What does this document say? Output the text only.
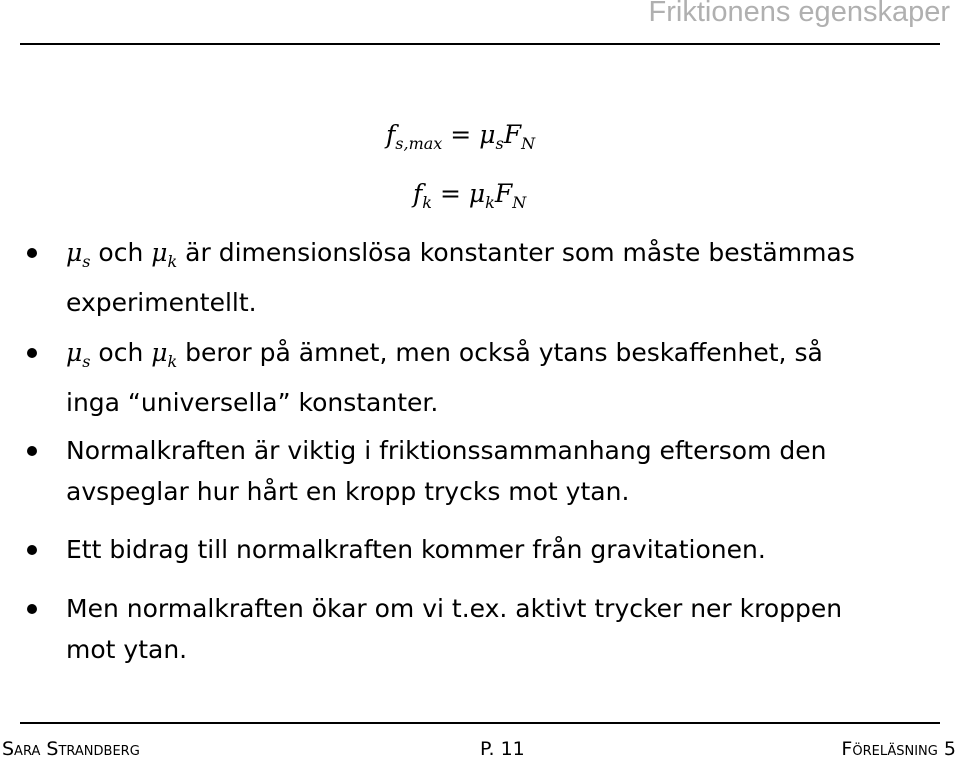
Friktionens egenskaper
$f_{s,max} = \mu_sF_N$
$f_k = \mu_kF_N$
$\mu_s$ och $\mu_k$ är dimensionslösa konstanter som måste bestämmas
experimentellt.
$\mu_s$ och $\mu_k$ beror på ämnet, men också ytans beskaffenhet, så
inga “universella” konstanter.
Normalkraften är viktig i friktionssammanhang eftersom den
avspeglar hur hårt en kropp trycks mot ytan.
Ett bidrag till normalkraften kommer från gravitationen.
Men normalkraften ökar om vi t.ex. aktivt trycker ner kroppen
mot ytan.
Sara Strandberg	P. 11	Föreläsning 5
